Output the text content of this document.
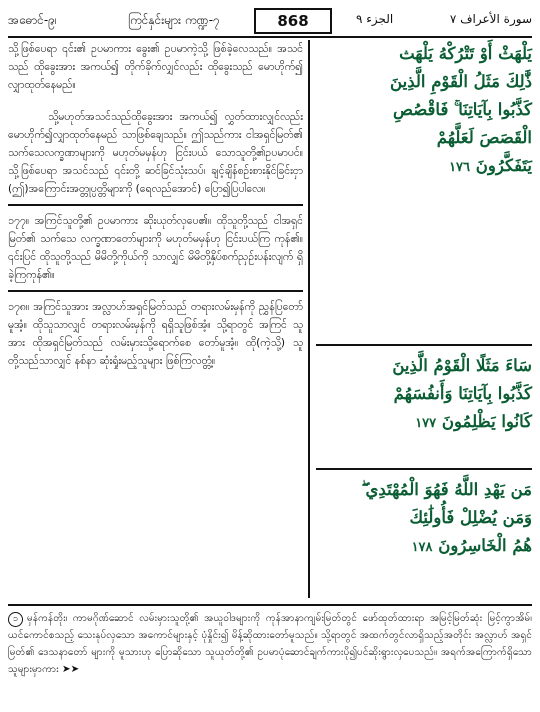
အဓောင်-၉၊	ကြင်နှင်းများ ကဏ္ဍ-၇	868	الجزء ٩	سورة الأعراف ٧

သို့ဖြစ်ပေရာ ၎င်း၏ ဥပမာကား ခွေး၏ ဥပမာကဲ့သို့ ဖြစ်ခဲ့လေသည်။ အသင်သည် ထိုခွေးအား အကယ်၍ တိုက်ခိုက်လျှင်လည်း ထိုခွေးသည် မောဟိုက်၍ လျှာထုတ်နေမည်။

သို့မဟုတ်အသင်သည်ထိုခွေးအား အကယ်၍ လွှတ်ထားလျှင်လည်း မောဟိုက်၍လျှာထုတ်နေမည် သာဖြစ်ချေသည်။ ဤသည်ကား ငါအရှင်မြတ်၏ သက်သေလက္ခဏာများကို မဟုတ်မမှန်ဟု ငြင်းပယ် သောသူတို့၏ဥပမာပင်။ သို့ဖြစ်ပေရာ အသင်သည် ၎င်းတို့ ဆင်ခြင်သုံးသပ်၊ ချင့်ချိန်စဉ်းစားနိုင်ခြင်းငှာ (ဤ)အကြောင်းအတ္တုပ္ပတ္တိများကို (ရေလည်အောင်) ပြော၍ပြပါလေ။

၁၇၇။ အကြင်သူတို့၏ ဥပမာကား ဆိုးယုတ်လှပေ၏။ ထိုသူတို့သည် ငါအရှင်မြတ်၏ သက်သေ လက္ခဏာတော်များကို မဟုတ်မမှန်ဟု ငြင်းပယ်ကြ ကုန်၏။ ၎င်းပြင် ထိုသူတို့သည် မိမိတို့ကိုယ်ကို သာလျှင် မိမိတို့နှိပ်စက်ညှဉ်းပန်းလျက် ရှိခဲ့ကြကုန်၏။

၁၇၈။ အကြင်သူအား အလ္လာဟ်အရှင်မြတ်သည် တရားလမ်းမှန်ကို ညွှန်ပြတော်မူအံ့။ ထိုသူသာလျှင် တရားလမ်းမှန်ကို ရရှိသူဖြစ်အံ့။ သို့ရာတွင် အကြင် သူအား ထိုအရှင်မြတ်သည် လမ်းမှားသို့ရောက်စေ တော်မူအံ့။ ထို(ကဲ့သို့) သူတို့သည်သာလျှင် နစ်နာ ဆုံးရှုံးမည့်သူများ ဖြစ်ကြလတ္တံ့။

يَلْهَثْ أَوْ تَتْرُكْهُ يَلْهَث

ذَّٰلِكَ مَثَلُ الْقَوْمِ الَّذِينَ

كَذَّبُوا بِآيَاتِنَا ۚ فَاقْصُصِ

الْقَصَصَ لَعَلَّهُمْ

يَتَفَكَّرُونَ ١٧٦

سَاءَ مَثَلًا الْقَوْمُ الَّذِينَ

كَذَّبُوا بِآيَاتِنَا وَأَنفُسَهُمْ

كَانُوا يَظْلِمُونَ ١٧٧

مَن يَهْدِ اللَّهُ فَهُوَ الْمُهْتَدِي ۖ

وَمَن يُضْلِلْ فَأُولَٰئِكَ

هُمُ الْخَاسِرُونَ ١٧٨

၁ မှန်ကန်တိုး၊ ကာမဂိုဏ်ဆောင် လမ်းမှားသူတို့၏ အယူဝါဒများကို ကုန်အာနာကျမ်းမြတ်တွင် ဖော်ထုတ်ထားရာ အမြင့်မြတ်ဆုံး မြင့်ကွာအိမ်၊ ယင်ကောင်စသည့် သေးနုပ်လှသော အကောင်များနှင့် ပုံနှိုင်း၍ မိန့်ဆိုထားတော်မူသည်။ သို့ရာတွင် အထက်တွင်လာရှိသည့်အတိုင်း အလ္လာဟ် အရှင်မြတ်၏ ဒေသနာတော် များကို မူသားဟု ပြောဆိုသော သူယုတ်တို့၏ ဥပမာပုံဆောင်ချက်ကားပို၍ပင်ဆိုးရွားလှပေသည်။ အရက်အကြောက်ရှိသောသူများမှာကား ➤➤
